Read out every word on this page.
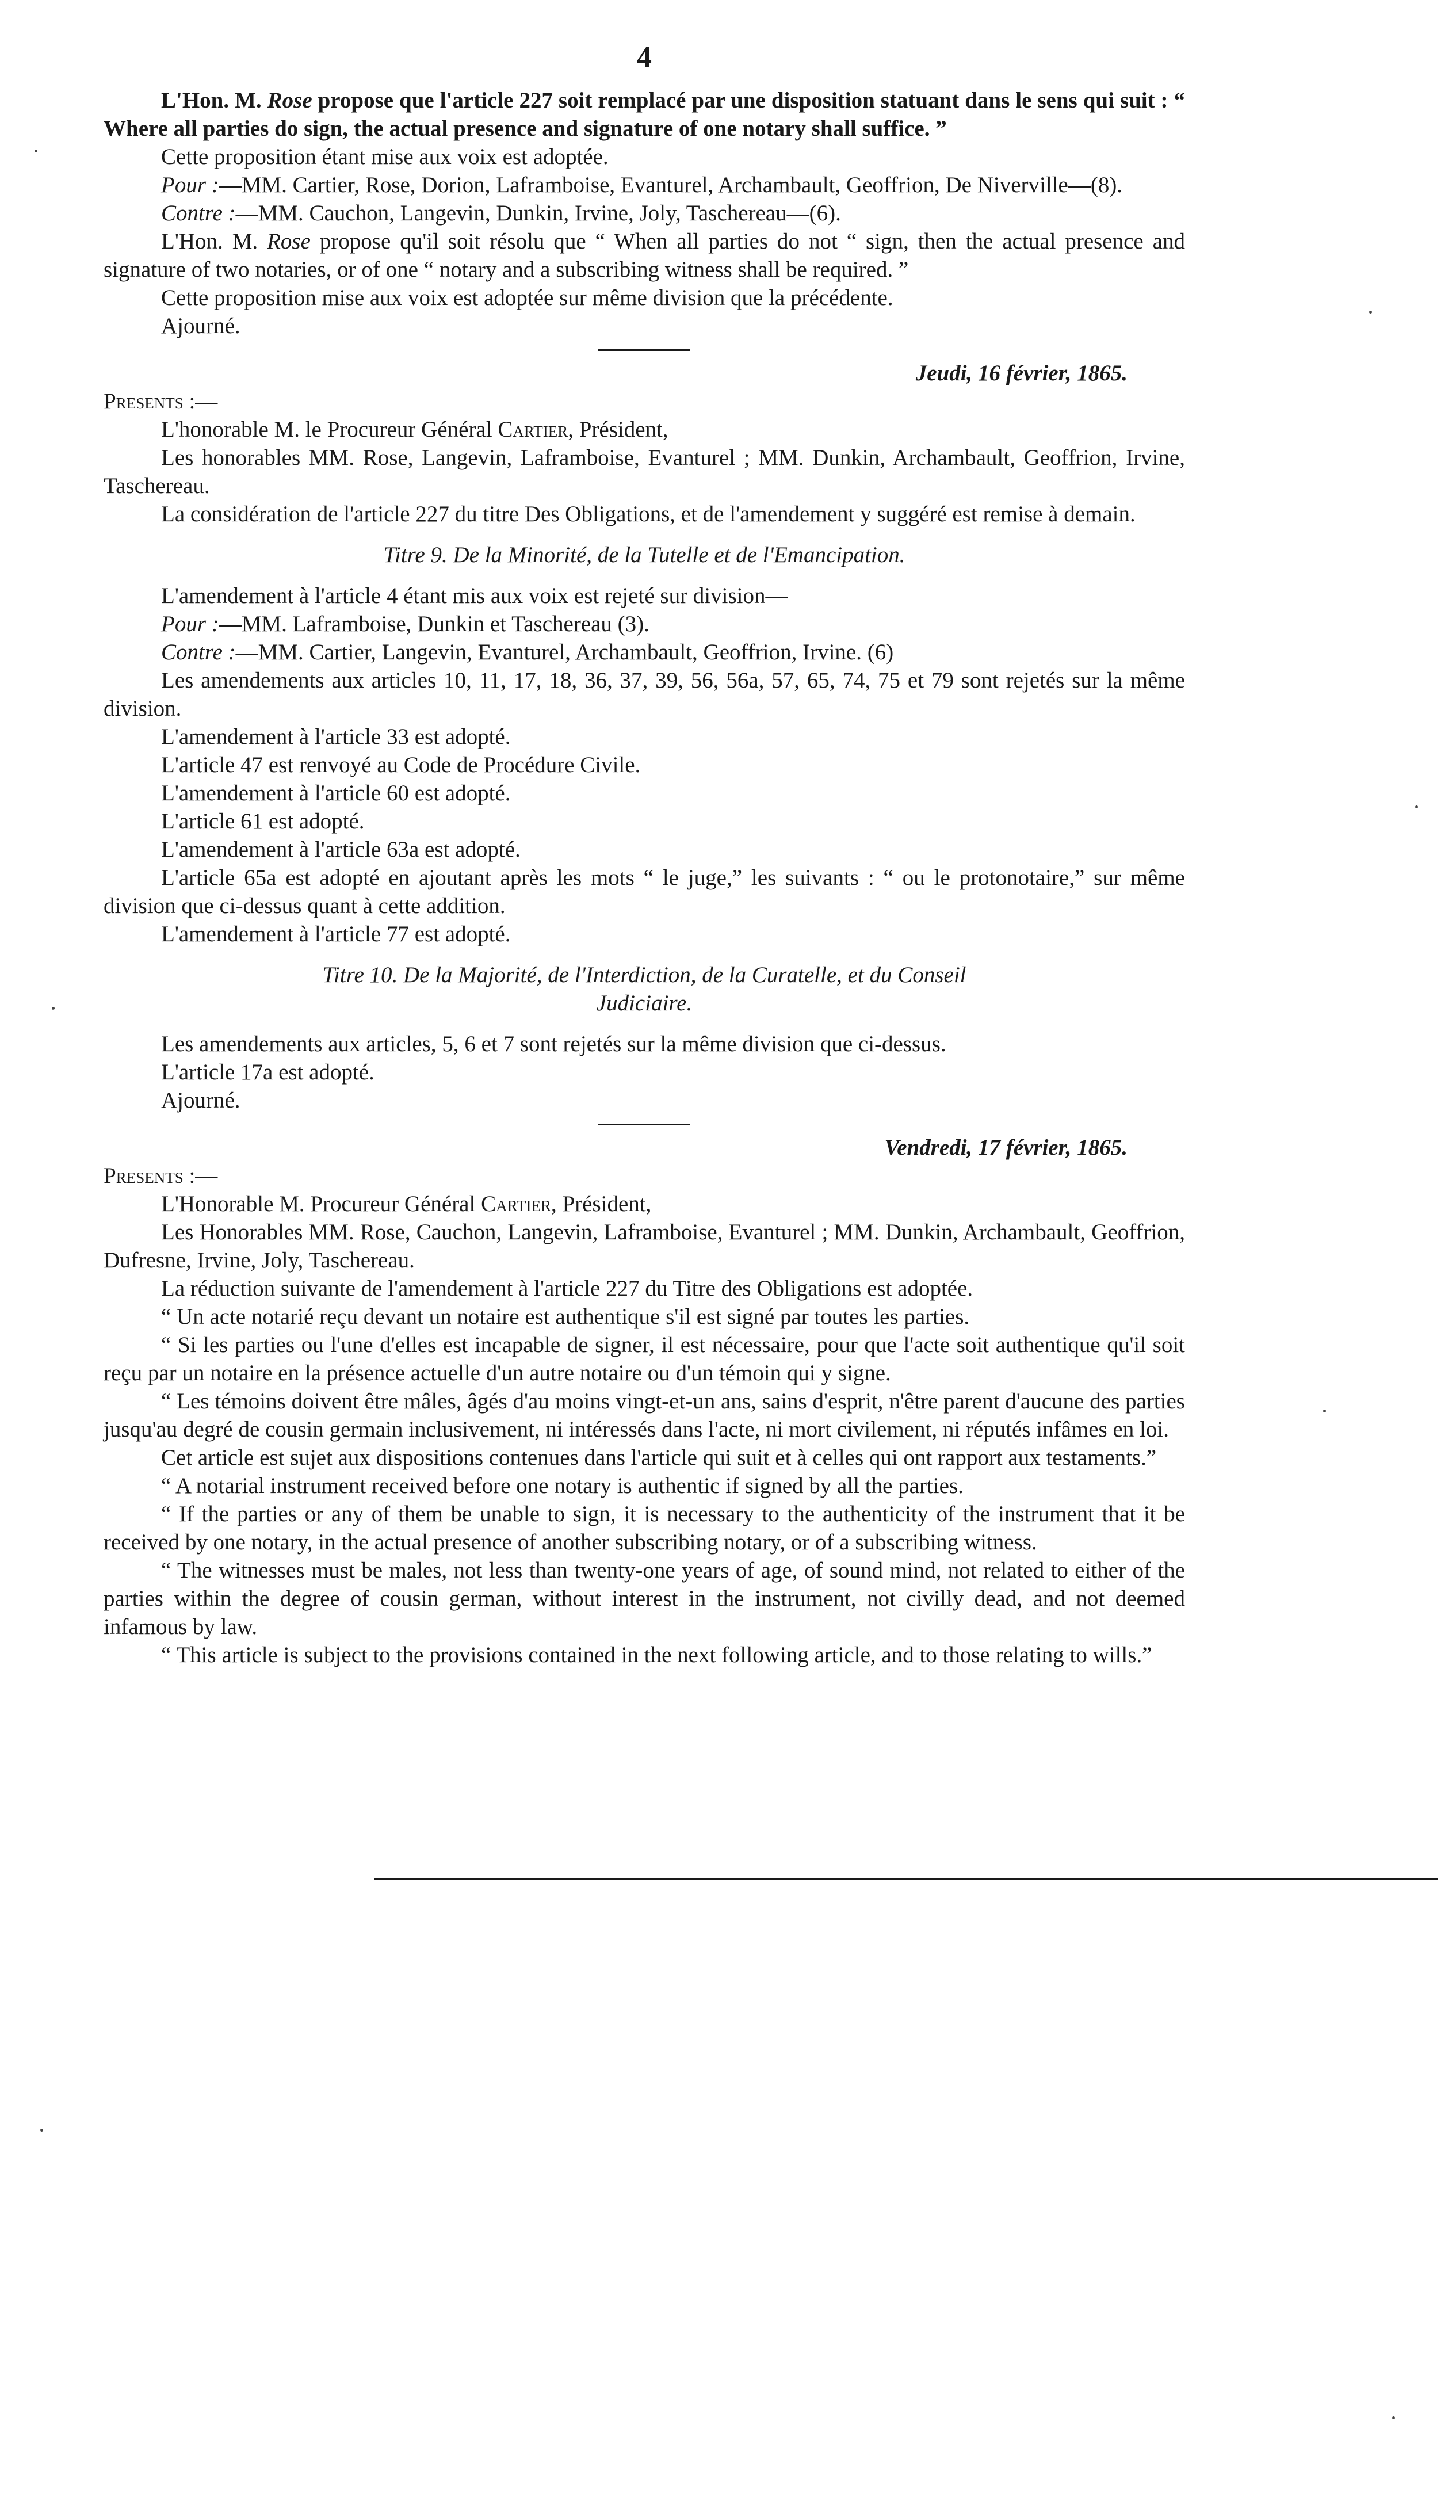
4

L'Hon. M. Rose propose que l'article 227 soit remplacé par une disposition statuant dans le sens qui suit : “ Where all parties do sign, the actual presence and signature of one notary shall suffice. ”

Cette proposition étant mise aux voix est adoptée.

Pour :—MM. Cartier, Rose, Dorion, Laframboise, Evanturel, Archambault, Geoffrion, De Niverville—(8).

Contre :—MM. Cauchon, Langevin, Dunkin, Irvine, Joly, Taschereau—(6).

L'Hon. M. Rose propose qu'il soit résolu que “ When all parties do not “ sign, then the actual presence and signature of two notaries, or of one “ notary and a subscribing witness shall be required. ”

Cette proposition mise aux voix est adoptée sur même division que la précédente.

Ajourné.

Jeudi, 16 février, 1865.

Presents :—

L'honorable M. le Procureur Général Cartier, Président,

Les honorables MM. Rose, Langevin, Laframboise, Evanturel ; MM. Dunkin, Archambault, Geoffrion, Irvine, Taschereau.

La considération de l'article 227 du titre Des Obligations, et de l'amendement y suggéré est remise à demain.

Titre 9. De la Minorité, de la Tutelle et de l'Emancipation.

L'amendement à l'article 4 étant mis aux voix est rejeté sur division—

Pour :—MM. Laframboise, Dunkin et Taschereau (3).

Contre :—MM. Cartier, Langevin, Evanturel, Archambault, Geoffrion, Irvine. (6)

Les amendements aux articles 10, 11, 17, 18, 36, 37, 39, 56, 56a, 57, 65, 74, 75 et 79 sont rejetés sur la même division.

L'amendement à l'article 33 est adopté.

L'article 47 est renvoyé au Code de Procédure Civile.

L'amendement à l'article 60 est adopté.

L'article 61 est adopté.

L'amendement à l'article 63a est adopté.

L'article 65a est adopté en ajoutant après les mots “ le juge,” les suivants : “ ou le protonotaire,” sur même division que ci-dessus quant à cette addition.

L'amendement à l'article 77 est adopté.

Titre 10. De la Majorité, de l'Interdiction, de la Curatelle, et du Conseil
Judiciaire.

Les amendements aux articles, 5, 6 et 7 sont rejetés sur la même division que ci-dessus.

L'article 17a est adopté.

Ajourné.

Vendredi, 17 février, 1865.

Presents :—

L'Honorable M. Procureur Général Cartier, Président,

Les Honorables MM. Rose, Cauchon, Langevin, Laframboise, Evanturel ; MM. Dunkin, Archambault, Geoffrion, Dufresne, Irvine, Joly, Taschereau.

La réduction suivante de l'amendement à l'article 227 du Titre des Obligations est adoptée.

“ Un acte notarié reçu devant un notaire est authentique s'il est signé par toutes les parties.

“ Si les parties ou l'une d'elles est incapable de signer, il est nécessaire, pour que l'acte soit authentique qu'il soit reçu par
un notaire en la présence actuelle d'un autre notaire ou d'un témoin qui y signe.

“ Les témoins doivent être mâles, âgés d'au moins vingt-et-un ans, sains d'esprit, n'être parent d'aucune des parties jusqu'au degré de cousin germain inclusivement, ni intéressés dans l'acte, ni mort civilement, ni réputés infâmes en loi.

Cet article est sujet aux dispositions contenues dans l'article qui suit et à celles qui ont rapport aux testaments.”

“ A notarial instrument received before one notary is authentic if signed by all the parties.

“ If the parties or any of them be unable to sign, it is necessary to the authenticity of the instrument that it be received by one notary, in the actual presence of another subscribing notary, or of a subscribing witness.

“ The witnesses must be males, not less than twenty-one years of age, of sound mind, not related to either of the parties within the degree of cousin german, without interest in the instrument, not civilly dead, and not deemed infamous by law.

“ This article is subject to the provisions contained in the next following article, and to those relating to wills.”
